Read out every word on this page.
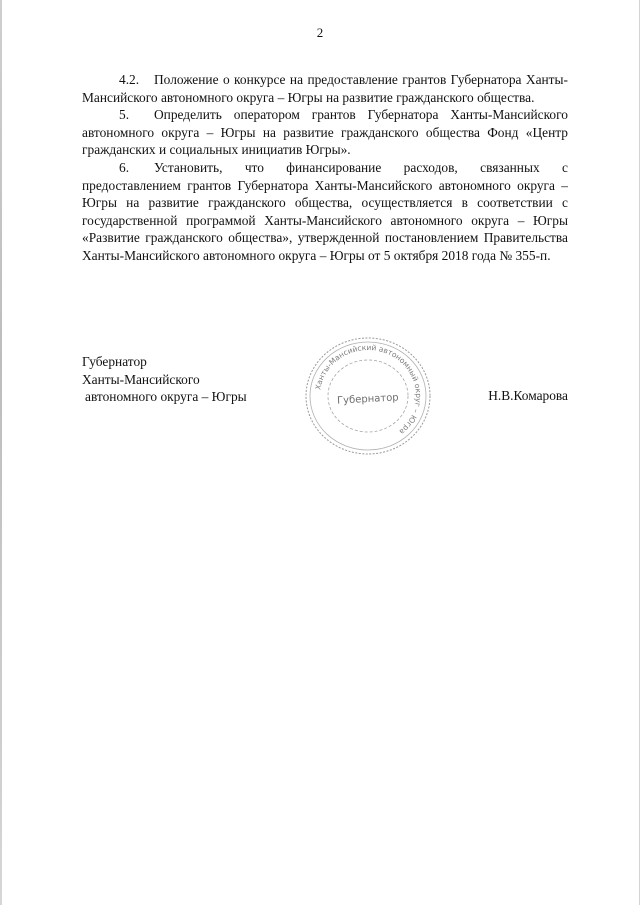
2

4.2. Положение о конкурсе на предоставление грантов Губернатора Ханты-Мансийского автономного округа – Югры на развитие гражданского общества.

5. Определить оператором грантов Губернатора Ханты-Мансийского автономного округа – Югры на развитие гражданского общества Фонд «Центр гражданских и социальных инициатив Югры».

6. Установить, что финансирование расходов, связанных с предоставлением грантов Губернатора Ханты-Мансийского автономного округа – Югры на развитие гражданского общества, осуществляется в соответствии с государственной программой Ханты-Мансийского автономного округа – Югры «Развитие гражданского общества», утвержденной постановлением Правительства Ханты-Мансийского автономного округа – Югры от 5 октября 2018 года № 355-п.

Губернатор
Ханты-Мансийского
автономного округа – Югры
Ханты-Мансийский автономный округ – Югра
Губернатор	Н.В.Комарова
